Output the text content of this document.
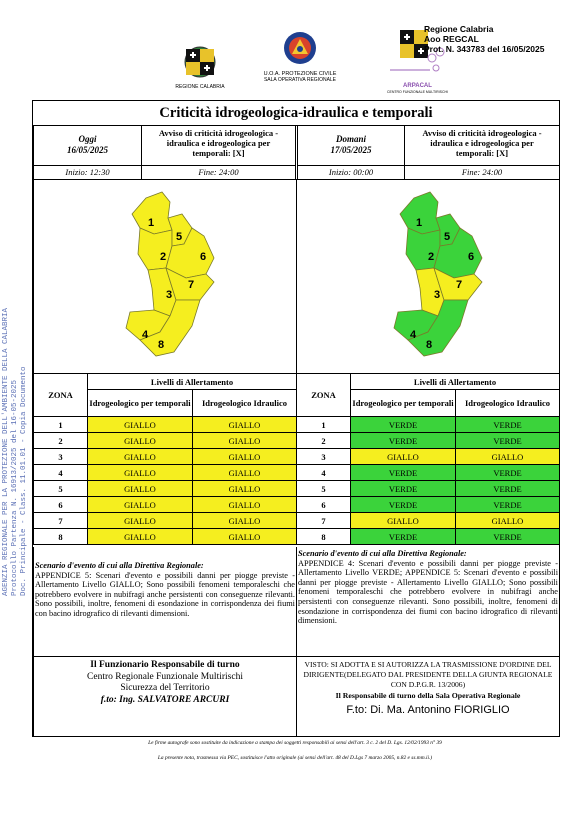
REGIONE CALABRIA
U.O.A. PROTEZIONE CIVILE
SALA OPERATIVA REGIONALE
ARPACAL
CENTRO FUNZIONALE MULTIRISCHI
Regione Calabria
Aoo REGCAL
Prot. N. 343783 del 16/05/2025
AGENZIA REGIONALE PER LA PROTEZIONE DELL'AMBIENTE DELLA CALABRIA Protocollo Partenza N. 16913/2025 del 16-05-2025 Doc. Principale - Class. 11.01.01 - Copia Documento
Criticità idrogeologica-idraulica e temporali
Oggi
16/05/2025
Avviso di criticità idrogeologica - idraulica e idrogeologica per temporali: [X]
Domani
17/05/2025
Avviso di criticità idrogeologica - idraulica e idrogeologica per temporali: [X]
Inizio: 12:30	Fine: 24:00	Inizio: 00:00	Fine: 24:00
1
5
2	6
7
3
4
8
1
5
2	6
7
3
4
8
ZONA	Livelli di Allertamento	
	Idrogeologico per temporali	Idrogeologico Idraulico
1	GIALLO	GIALLO
2	GIALLO	GIALLO
3	GIALLO	GIALLO
4	GIALLO	GIALLO
5	GIALLO	GIALLO
6	GIALLO	GIALLO
7	GIALLO	GIALLO
8	GIALLO	GIALLO
ZONA	Livelli di Allertamento	
	Idrogeologico per temporali	Idrogeologico Idraulico
1	VERDE	VERDE
2	VERDE	VERDE
3	GIALLO	GIALLO
4	VERDE	VERDE
5	VERDE	VERDE
6	VERDE	VERDE
7	GIALLO	GIALLO
8	VERDE	VERDE
Scenario d'evento di cui alla Direttiva Regionale:
APPENDICE 5: Scenari d'evento e possibili danni per piogge previste - Allertamento Livello GIALLO; Sono possibili fenomeni temporaleschi che potrebbero evolvere in nubifragi anche persistenti con conseguenze rilevanti. Sono possibili, inoltre, fenomeni di esondazione in corrispondenza dei fiumi con bacino idrografico di rilevanti dimensioni.
Scenario d'evento di cui alla Direttiva Regionale:
APPENDICE 4: Scenari d'evento e possibili danni per piogge previste - Allertamento Livello VERDE; APPENDICE 5: Scenari d'evento e possibili danni per piogge previste - Allertamento Livello GIALLO; Sono possibili fenomeni temporaleschi che potrebbero evolvere in nubifragi anche persistenti con conseguenze rilevanti. Sono possibili, inoltre, fenomeni di esondazione in corrispondenza dei fiumi con bacino idrografico di rilevanti dimensioni.
Il Funzionario Responsabile di turno
Centro Regionale Funzionale Multirischi
Sicurezza del Territorio
f.to: Ing. SALVATORE ARCURI
VISTO: SI ADOTTA E SI AUTORIZZA LA TRASMISSIONE D'ORDINE DEL DIRIGENTE(DELEGATO DAL PRESIDENTE DELLA GIUNTA REGIONALE CON D.P.G.R. 13/2006)
Il Responsabile di turno della Sala Operativa Regionale
F.to: Di. Ma. Antonino FIORIGLIO
Le firme autografe sono sostituite da indicazione a stampa dei soggetti responsabili ai sensi dell'art. 3 c. 2 del D. Lgs. 12/02/1993 n° 39
La presente nota, trasmessa via PEC, sostituisce l'atto originale (ai sensi dell'art. 48 del D.Lgs 7 marzo 2005, n.82 e ss.mm.ii.)
